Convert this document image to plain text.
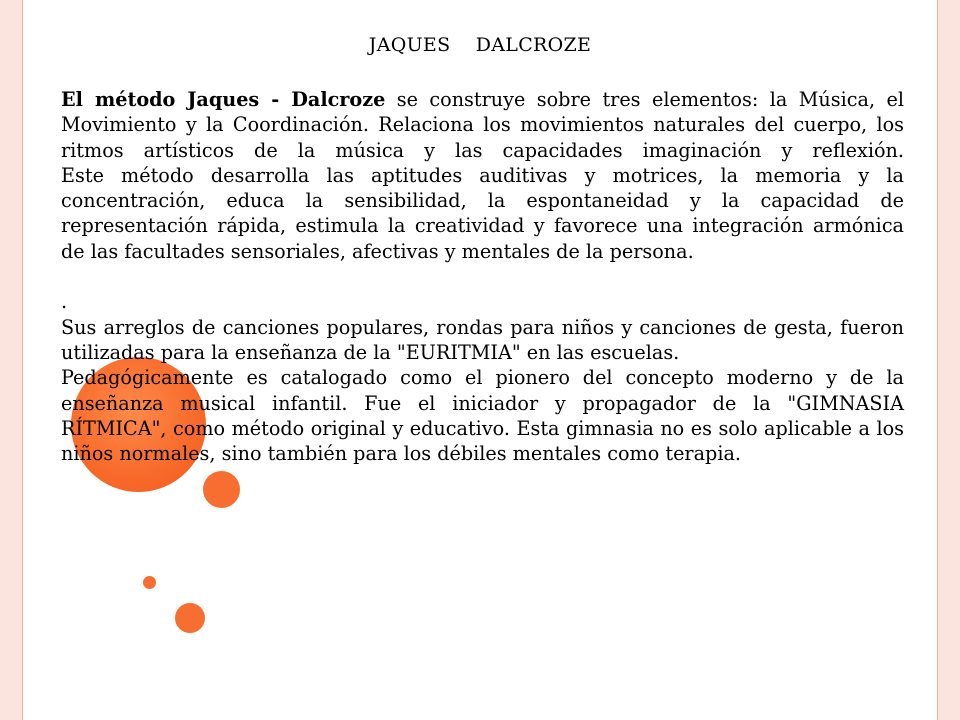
JAQUES    DALCROZE

El método Jaques - Dalcroze se construye sobre tres elementos: la Música, el Movimiento y la Coordinación. Relaciona los movimientos naturales del cuerpo, los ritmos artísticos de la música y las capacidades imaginación y reflexión.

Este método desarrolla las aptitudes auditivas y motrices, la memoria y la concentración, educa la sensibilidad, la espontaneidad y la capacidad de representación rápida, estimula la creatividad y favorece una integración armónica de las facultades sensoriales, afectivas y mentales de la persona.

.

Sus arreglos de canciones populares, rondas para niños y canciones de gesta, fueron utilizadas para la enseñanza de la "EURITMIA" en las escuelas.

Pedagógicamente es catalogado como el pionero del concepto moderno y de la enseñanza musical infantil. Fue el iniciador y propagador de la "GIMNASIA RÍTMICA", como método original y educativo. Esta gimnasia no es solo aplicable a los niños normales, sino también para los débiles mentales como terapia.
